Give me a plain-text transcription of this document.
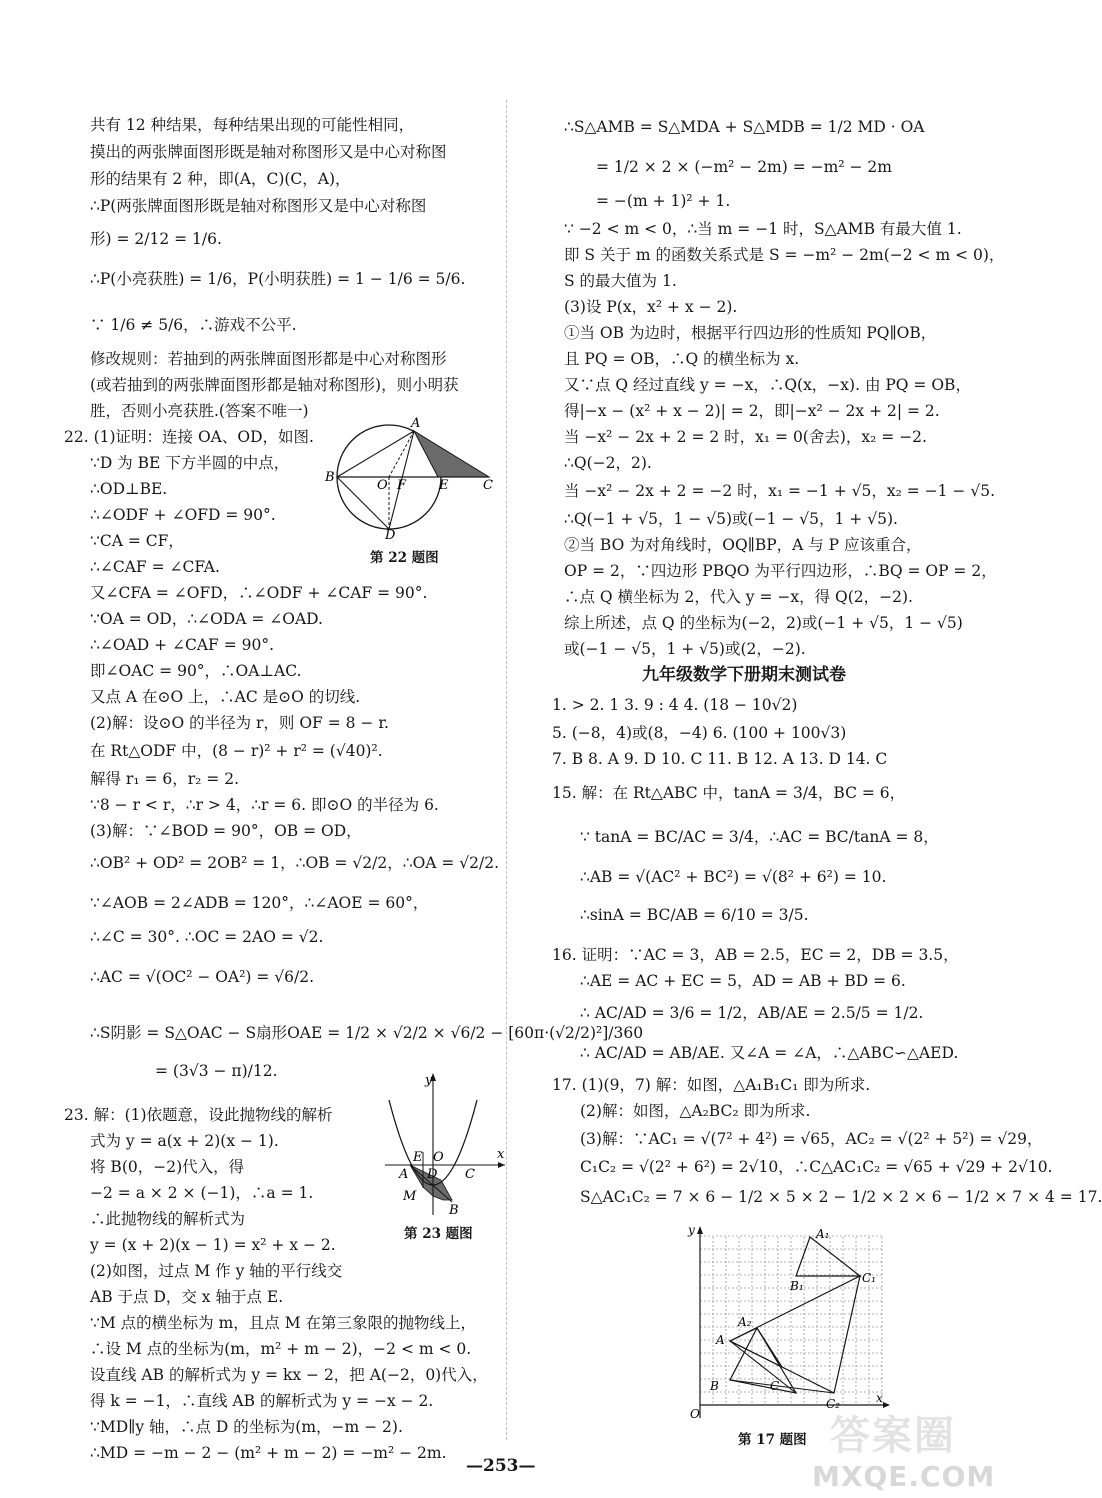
共有 12 种结果，每种结果出现的可能性相同，
摸出的两张牌面图形既是轴对称图形又是中心对称图
形的结果有 2 种，即(A，C)(C，A)，
∴P(两张牌面图形既是轴对称图形又是中心对称图
形) = 2/12 = 1/6.
∴P(小亮获胜) = 1/6，P(小明获胜) = 1 − 1/6 = 5/6.
∵ 1/6 ≠ 5/6，∴游戏不公平.
修改规则：若抽到的两张牌面图形都是中心对称图形
(或若抽到的两张牌面图形都是轴对称图形)，则小明获
胜，否则小亮获胜.(答案不唯一)
22. (1)证明：连接 OA、OD，如图.
∵D 为 BE 下方半圆的中点，
∴OD⊥BE.
∴∠ODF + ∠OFD = 90°.
∵CA = CF，
∴∠CAF = ∠CFA.
又∠CFA = ∠OFD，∴∠ODF + ∠CAF = 90°.
∵OA = OD，∴∠ODA = ∠OAD.
∴∠OAD + ∠CAF = 90°.
即∠OAC = 90°，∴OA⊥AC.
又点 A 在⊙O 上，∴AC 是⊙O 的切线.
(2)解：设⊙O 的半径为 r，则 OF = 8 − r.
在 Rt△ODF 中，(8 − r)² + r² = (√40)².
解得 r₁ = 6，r₂ = 2.
∵8 − r < r，∴r > 4，∴r = 6. 即⊙O 的半径为 6.
(3)解：∵∠BOD = 90°，OB = OD，
∴OB² + OD² = 2OB² = 1，∴OB = √2/2，∴OA = √2/2.
∵∠AOB = 2∠ADB = 120°，∴∠AOE = 60°，
∴∠C = 30°. ∴OC = 2AO = √2.
∴AC = √(OC² − OA²) = √6/2.
∴S阴影 = S△OAC − S扇形OAE = 1/2 × √2/2 × √6/2 − [60π·(√2/2)²]/360
= (3√3 − π)/12.
23. 解：(1)依题意，设此抛物线的解析
式为 y = a(x + 2)(x − 1).
将 B(0，−2)代入，得
−2 = a × 2 × (−1)，∴a = 1.
∴此抛物线的解析式为
y = (x + 2)(x − 1) = x² + x − 2.
(2)如图，过点 M 作 y 轴的平行线交
AB 于点 D，交 x 轴于点 E.
∵M 点的横坐标为 m，且点 M 在第三象限的抛物线上，
∴设 M 点的坐标为(m，m² + m − 2)，−2 < m < 0.
设直线 AB 的解析式为 y = kx − 2，把 A(−2，0)代入，
得 k = −1，∴直线 AB 的解析式为 y = −x − 2.
∵MD∥y 轴，∴点 D 的坐标为(m，−m − 2).
∴MD = −m − 2 − (m² + m − 2) = −m² − 2m.
A
B
O F	E	C
D
第 22 题图
y
x
E O
A D C
M
B
第 23 题图
∴S△AMB = S△MDA + S△MDB = 1/2 MD · OA
= 1/2 × 2 × (−m² − 2m) = −m² − 2m
= −(m + 1)² + 1.
∵ −2 < m < 0，∴当 m = −1 时，S△AMB 有最大值 1.
即 S 关于 m 的函数关系式是 S = −m² − 2m(−2 < m < 0)，
S 的最大值为 1.
(3)设 P(x，x² + x − 2).
①当 OB 为边时，根据平行四边形的性质知 PQ∥OB，
且 PQ = OB，∴Q 的横坐标为 x.
又∵点 Q 经过直线 y = −x，∴Q(x，−x). 由 PQ = OB，
得|−x − (x² + x − 2)| = 2，即|−x² − 2x + 2| = 2.
当 −x² − 2x + 2 = 2 时，x₁ = 0(舍去)，x₂ = −2.
∴Q(−2，2).
当 −x² − 2x + 2 = −2 时，x₁ = −1 + √5，x₂ = −1 − √5.
∴Q(−1 + √5，1 − √5)或(−1 − √5，1 + √5).
②当 BO 为对角线时，OQ∥BP，A 与 P 应该重合，
OP = 2，∵四边形 PBQO 为平行四边形，∴BQ = OP = 2，
∴点 Q 横坐标为 2，代入 y = −x，得 Q(2，−2).
综上所述，点 Q 的坐标为(−2，2)或(−1 + √5，1 − √5)
或(−1 − √5，1 + √5)或(2，−2).
九年级数学下册期末测试卷
1. > 2. 1 3. 9 : 4 4. (18 − 10√2)
5. (−8，4)或(8，−4) 6. (100 + 100√3)
7. B 8. A 9. D 10. C 11. B 12. A 13. D 14. C
15. 解：在 Rt△ABC 中，tanA = 3/4，BC = 6，
∵ tanA = BC/AC = 3/4，∴AC = BC/tanA = 8，
∴AB = √(AC² + BC²) = √(8² + 6²) = 10.
∴sinA = BC/AB = 6/10 = 3/5.
16. 证明：∵AC = 3，AB = 2.5，EC = 2，DB = 3.5，
∴AE = AC + EC = 5，AD = AB + BD = 6.
∴ AC/AD = 3/6 = 1/2，AB/AE = 2.5/5 = 1/2.
∴ AC/AD = AB/AE. 又∠A = ∠A，∴△ABC∽△AED.
17. (1)(9，7) 解：如图，△A₁B₁C₁ 即为所求.
(2)解：如图，△A₂BC₂ 即为所求.
(3)解：∵AC₁ = √(7² + 4²) = √65，AC₂ = √(2² + 5²) = √29，
C₁C₂ = √(2² + 6²) = 2√10，∴C△AC₁C₂ = √65 + √29 + 2√10.
S△AC₁C₂ = 7 × 6 − 1/2 × 5 × 2 − 1/2 × 2 × 6 − 1/2 × 7 × 4 = 17.
y
x
O
A₁
B₁
C₁
A₂
A
B	C
C₂
第 17 题图
—253—
答案圈
MXQE.COM
